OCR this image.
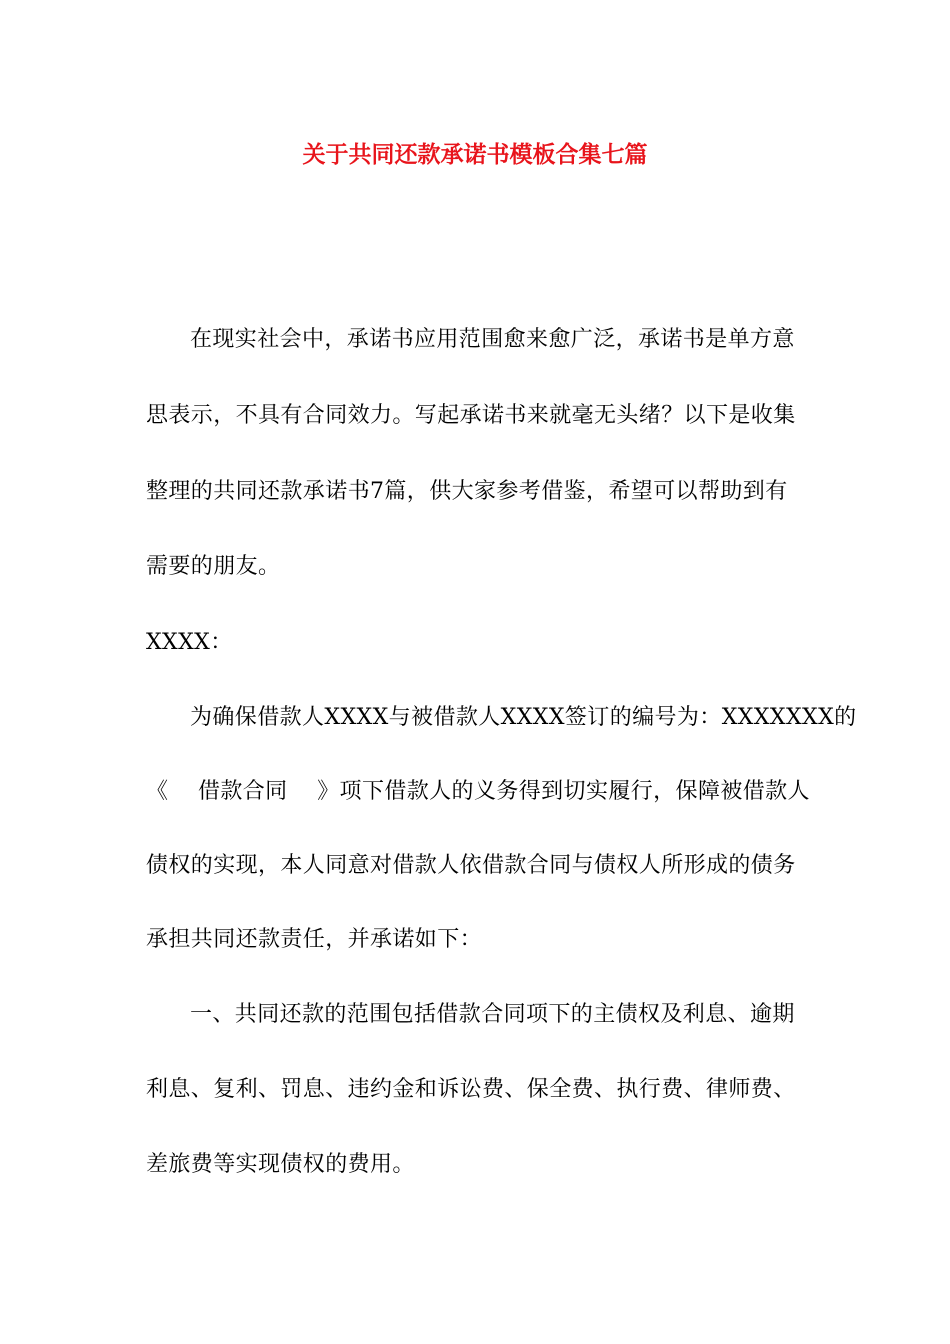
关于共同还款承诺书模板合集七篇
在现实社会中，承诺书应用范围愈来愈广泛，承诺书是单方意
思表示，不具有合同效力。写起承诺书来就毫无头绪？以下是收集
整理的共同还款承诺书7篇，供大家参考借鉴，希望可以帮助到有
需要的朋友。
XXXX：
为确保借款人XXXX与被借款人XXXX签订的编号为：XXXXXXX的
《    借款合同    》项下借款人的义务得到切实履行，保障被借款人
债权的实现，本人同意对借款人依借款合同与债权人所形成的债务
承担共同还款责任，并承诺如下：
一、共同还款的范围包括借款合同项下的主债权及利息、逾期
利息、复利、罚息、违约金和诉讼费、保全费、执行费、律师费、
差旅费等实现债权的费用。
